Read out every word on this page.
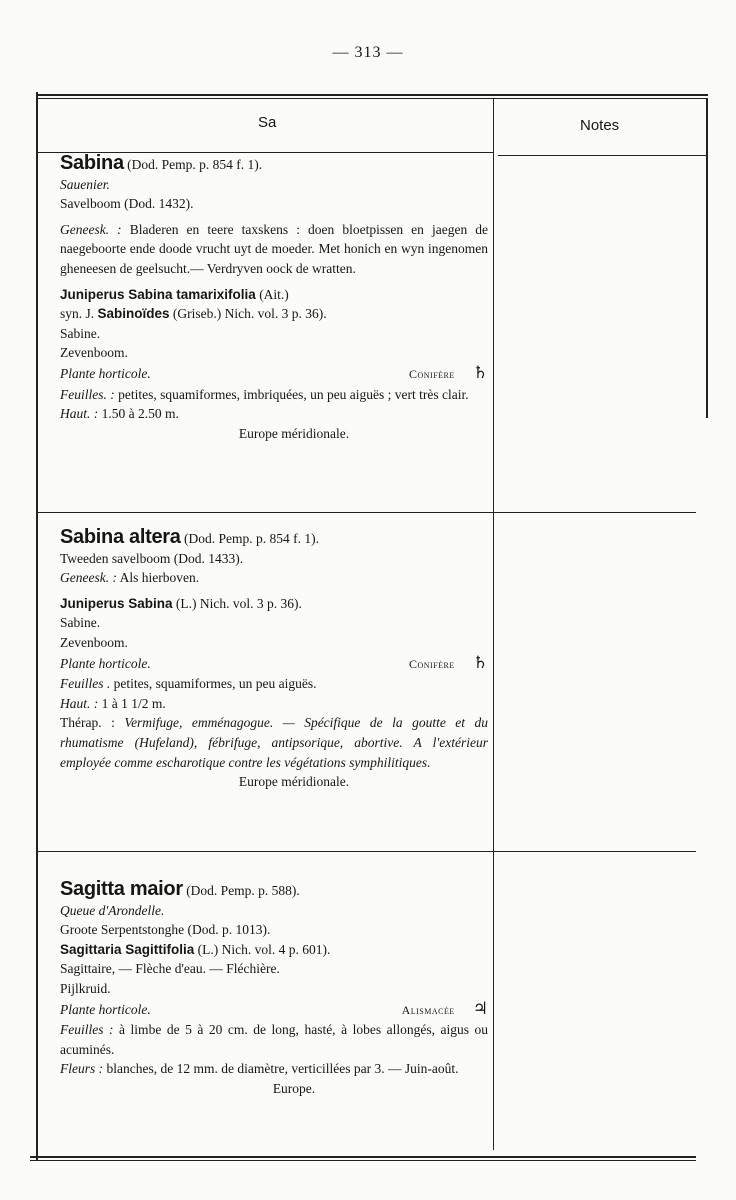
— 313 —
Sa	Notes
Sabina (Dod. Pemp. p. 854 f. 1).
Sauenier.
Savelboom (Dod. 1432).
Geneesk. : Bladeren en teere taxskens : doen bloetpissen en jaegen de naegeboorte ende doode vrucht uyt de moeder. Met honich en wyn ingenomen gheneesen de geelsucht.— Verdryven oock de wratten.
Juniperus Sabina tamarixifolia (Ait.)
syn. J. Sabinoïdes (Griseb.) Nich. vol. 3 p. 36).
Sabine.
Zevenboom.
Plante horticole.	Conifère ♄
Feuilles. : petites, squamiformes, imbriquées, un peu aiguës ; vert très clair.
Haut. : 1.50 à 2.50 m.
Europe méridionale.
Sabina altera (Dod. Pemp. p. 854 f. 1).
Tweeden savelboom (Dod. 1433).
Geneesk. : Als hierboven.
Juniperus Sabina (L.) Nich. vol. 3 p. 36).
Sabine.
Zevenboom.
Plante horticole.	Conifère ♄
Feuilles . petites, squamiformes, un peu aiguës.
Haut. : 1 à 1 1/2 m.
Thérap. : Vermifuge, emménagogue. — Spécifique de la goutte et du rhumatisme (Hufeland), fébrifuge, antipsorique, abortive. A l'extérieur employée comme escharotique contre les végétations symphilitiques.
Europe méridionale.
Sagitta maior (Dod. Pemp. p. 588).
Queue d'Arondelle.
Groote Serpentstonghe (Dod. p. 1013).
Sagittaria Sagittifolia (L.) Nich. vol. 4 p. 601).
Sagittaire, — Flèche d'eau. — Fléchière.
Pijlkruid.
Plante horticole.	Alismacée ♃
Feuilles : à limbe de 5 à 20 cm. de long, hasté, à lobes allongés, aigus ou acuminés.
Fleurs : blanches, de 12 mm. de diamètre, verticillées par 3. — Juin-août.
Europe.
